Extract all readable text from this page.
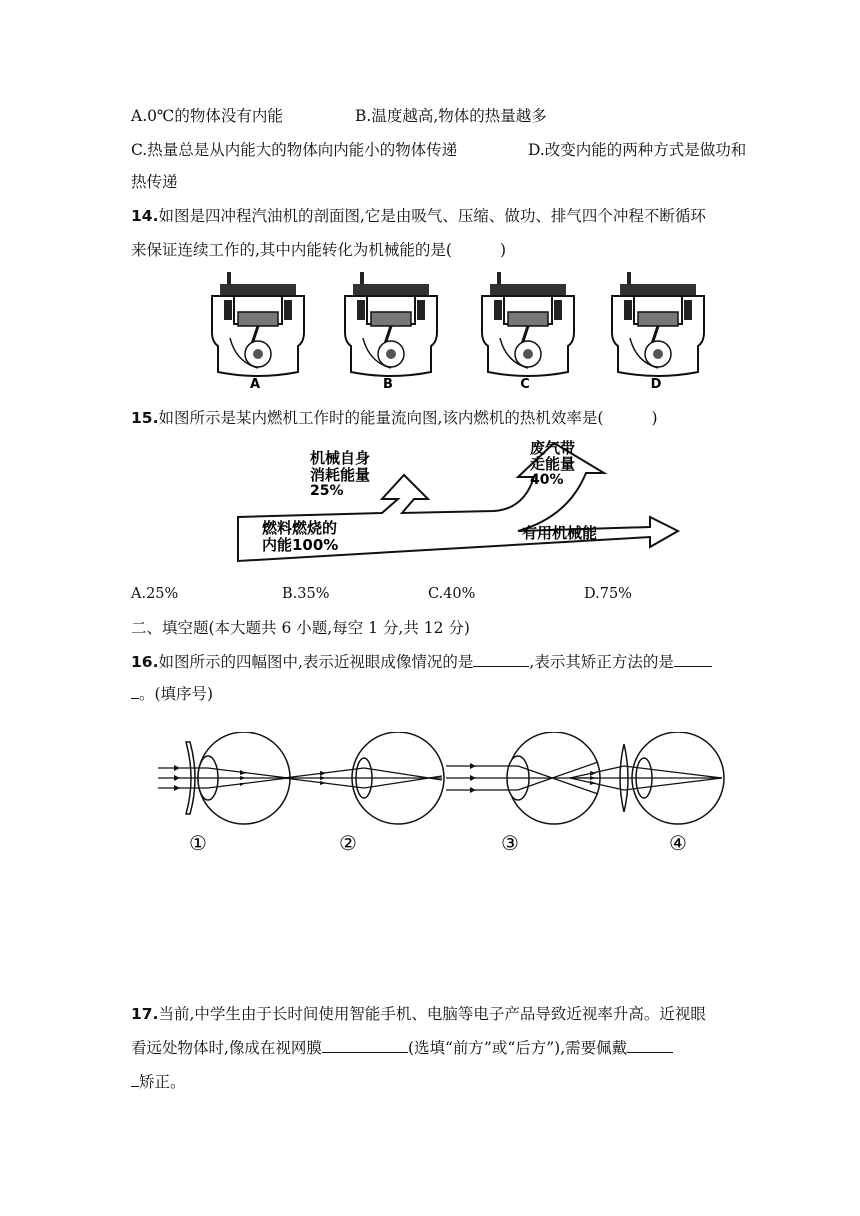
A.0℃的物体没有内能	B.温度越高,物体的热量越多
C.热量总是从内能大的物体向内能小的物体传递	D.改变内能的两种方式是做功和
热传递
14.如图是四冲程汽油机的剖面图,它是由吸气、压缩、做功、排气四个冲程不断循环
来保证连续工作的,其中内能转化为机械能的是(	)
A	B	C	D
15.如图所示是某内燃机工作时的能量流向图,该内燃机的热机效率是(	)
机械自身
消耗能量
25%
废气带
走能量
40%
燃料燃烧的
内能100%
有用机械能
A.25%	B.35%	C.40%	D.75%
二、填空题(本大题共 6 小题,每空 1 分,共 12 分)
16.如图所示的四幅图中,表示近视眼成像情况的是	,表示其矫正方法的是
。(填序号)
①	②	③	④
17.当前,中学生由于长时间使用智能手机、电脑等电子产品导致近视率升高。近视眼
看远处物体时,像成在视网膜	(选填“前方”或“后方”),需要佩戴
矫正。
